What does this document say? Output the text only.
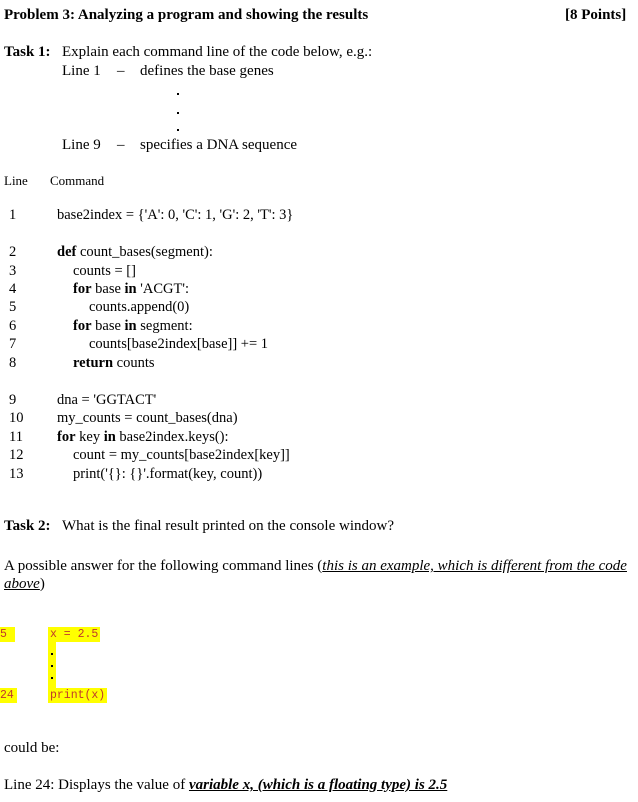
Problem 3: Analyzing a program and showing the results	[8 Points]
Task 1: Explain each command line of the code below, e.g.:
Line 1 – defines the base genes
Line 9 – specifies a DNA sequence
Line Command
1	base2index = {'A': 0, 'C': 1, 'G': 2, 'T': 3}
2	def count_bases(segment):
3	counts = []
4	for base in 'ACGT':
5	counts.append(0)
6	for base in segment:
7	counts[base2index[base]] += 1
8	return counts
9	dna = 'GGTACT'
10 my_counts = count_bases(dna)
11 for key in base2index.keys():
12	count = my_counts[base2index[key]]
13	print('{}: {}'.format(key, count))
Task 2: What is the final result printed on the console window?
A possible answer for the following command lines (this is an example, which is different from the code above)
5	x = 2.5
24	print(x)
could be:
Line 24: Displays the value of variable x, (which is a floating type) is 2.5
